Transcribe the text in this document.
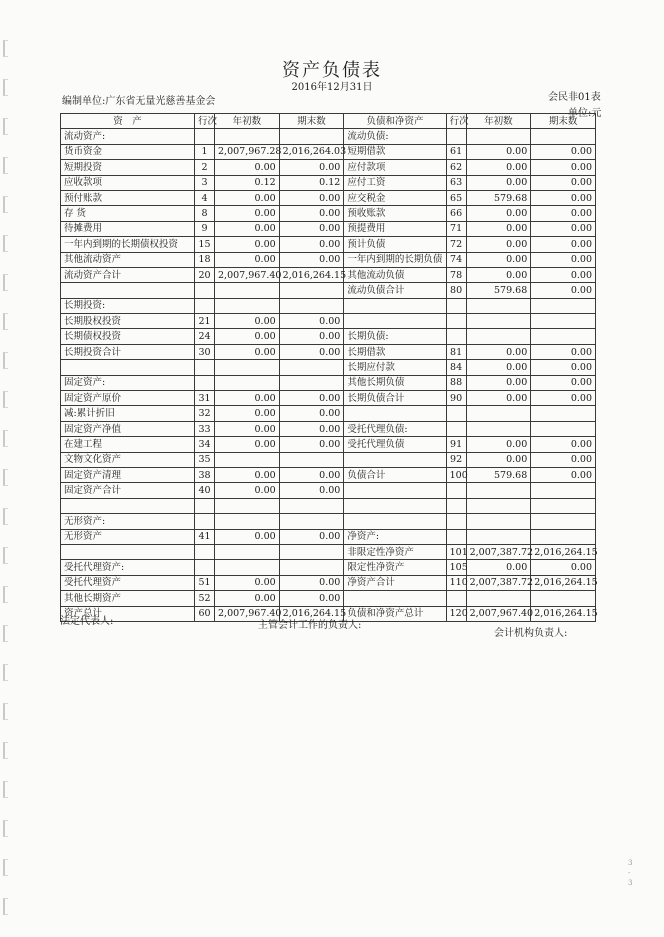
资产负债表
2016年12月31日
编制单位:广东省无量光慈善基金会	会民非01表
单位:元
资　产	行次	年初数	期末数	负债和净资产	行次	年初数	期末数
流动资产:				流动负债:			
货币资金	1	2,007,967.28	2,016,264.03	短期借款	61	0.00	0.00
短期投资	2	0.00	0.00	应付款项	62	0.00	0.00
应收款项	3	0.12	0.12	应付工资	63	0.00	0.00
预付账款	4	0.00	0.00	应交税金	65	579.68	0.00
存 货	8	0.00	0.00	预收账款	66	0.00	0.00
待摊费用	9	0.00	0.00	预提费用	71	0.00	0.00
一年内到期的长期债权投资	15	0.00	0.00	预计负债	72	0.00	0.00
其他流动资产	18	0.00	0.00	一年内到期的长期负债	74	0.00	0.00
流动资产合计	20	2,007,967.40	2,016,264.15	其他流动负债	78	0.00	0.00
				流动负债合计	80	579.68	0.00
长期投资:							
长期股权投资	21	0.00	0.00				
长期债权投资	24	0.00	0.00	长期负债:			
长期投资合计	30	0.00	0.00	长期借款	81	0.00	0.00
				长期应付款	84	0.00	0.00
固定资产:				其他长期负债	88	0.00	0.00
固定资产原价	31	0.00	0.00	长期负债合计	90	0.00	0.00
减:累计折旧	32	0.00	0.00				
固定资产净值	33	0.00	0.00	受托代理负债:			
在建工程	34	0.00	0.00	受托代理负债	91	0.00	0.00
文物文化资产	35				92	0.00	0.00
固定资产清理	38	0.00	0.00	负债合计	100	579.68	0.00
固定资产合计	40	0.00	0.00				

无形资产:							
无形资产	41	0.00	0.00	净资产:			
				非限定性净资产	101	2,007,387.72	2,016,264.15
受托代理资产:				限定性净资产	105	0.00	0.00
受托代理资产	51	0.00	0.00	净资产合计	110	2,007,387.72	2,016,264.15
其他长期资产	52	0.00	0.00				
资产总计	60	2,007,967.40	2,016,264.15	负债和净资产总计	120	2,007,967.40	2,016,264.15
法定代表人:	主管会计工作的负责人:
会计机构负责人:
3
-
3
